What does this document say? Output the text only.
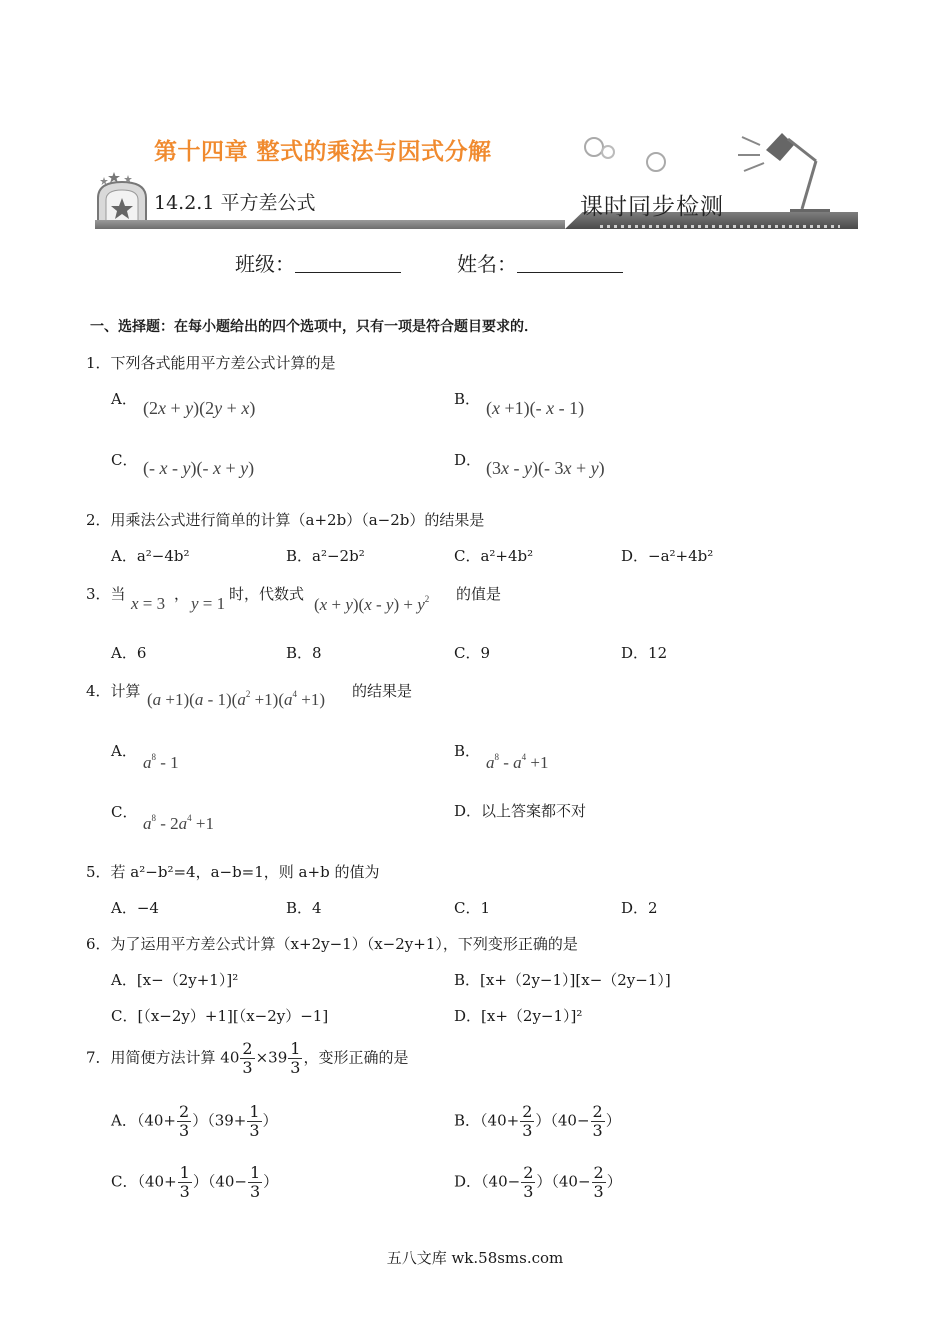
第十四章 整式的乘法与因式分解
14.2.1 平方差公式	课时同步检测
班级：	姓名：
一、选择题：在每小题给出的四个选项中，只有一项是符合题目要求的．
1．下列各式能用平方差公式计算的是
A． (2x + y)(2y + x)	B． (x +1)(- x - 1)
C． (- x - y)(- x + y)	D． (3x - y)(- 3x + y)
2．用乘法公式进行简单的计算（a+2b）（a−2b）的结果是
A．a²−4b²	B．a²−2b²	C．a²+4b²	D．−a²+4b²
3．当 x = 3 ， y = 1 时，代数式
$(x + y)(x - y) + y^2$ 的值是
A．6	B．8	C．9	D．12
4．计算 $(a +1)(a - 1)(a^2 +1)(a^4 +1)$ 的结果是
A．
$a^8 - 1$
B．
$a^8 - a^4 +1$
C．
$a^8 - 2a^4 +1$
D．以上答案都不对
5．若 a²−b²=4，a−b=1，则 a+b 的值为
A．−4	B．4	C．1	D．2
6．为了运用平方差公式计算（x+2y−1）（x−2y+1），下列变形正确的是
A．[x−（2y+1）]²	B．[x+（2y−1）][x−（2y−1）]
C．[（x−2y）+1][（x−2y）−1]	D．[x+（2y−1）]²
7．用简便方法计算 $40 \frac{2}{3} \times 39 \frac{1}{3}$ ，变形正确的是
A．$(40+ \frac{2}{3} )(39+ \frac{1}{3}$ ）	B．$(40+ \frac{2}{3} )(40- \frac{2}{3}$ ）
C．$(40+ \frac{1}{3} )(40- \frac{1}{3}$ ）	D．$(40- \frac{2}{3} )(40- \frac{2}{3}$ ）
五八文库 wk.58sms.com
